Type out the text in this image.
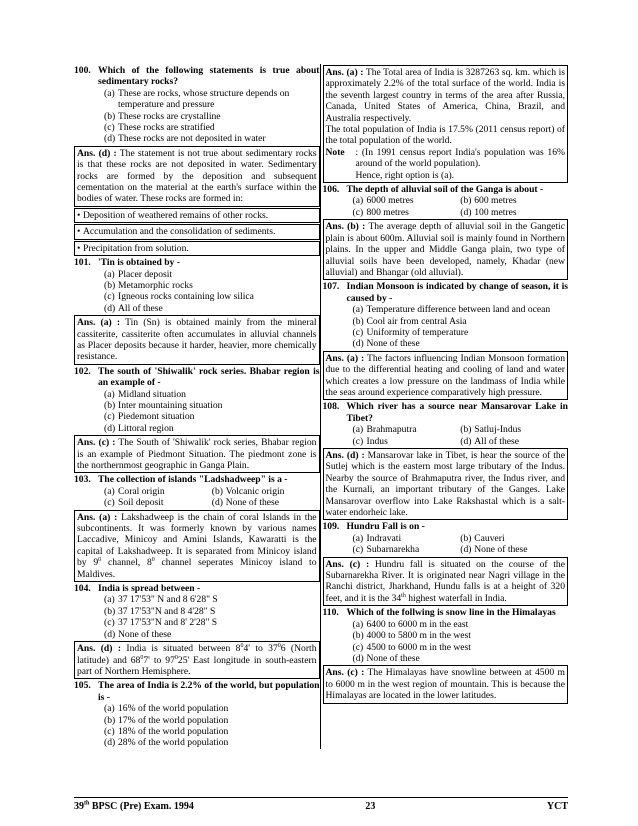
100. Which of the following statements is true about sedimentary rocks?
(a) These are rocks, whose structure depends on temperature and pressure
(b) These rocks are crystalline
(c) These rocks are stratified
(d) These rocks are not deposited in water
Ans. (d) : The statement is not true about sedimentary rocks is that these rocks are not deposited in water. Sedimentary rocks are formed by the deposition and subsequent cementation on the material at the earth's surface within the bodies of water. These rocks are formed in:
• Deposition of weathered remains of other rocks.
• Accumulation and the consolidation of sediments.
• Precipitation from solution.
101. 'Tin is obtained by -
(a) Placer deposit
(b) Metamorphic rocks
(c) Igneous rocks containing low silica
(d) All of these
Ans. (a) : Tin (Sn) is obtained mainly from the mineral cassiterite, cassiterite often accumulates in alluvial channels as Placer deposits because it harder, heavier, more chemically resistance.
102. The south of 'Shiwalik' rock series. Bhabar region is an example of -
(a) Midland situation
(b) Inter mountaining situation
(c) Piedemont situation
(d) Littoral region
Ans. (c) : The South of 'Shiwalik' rock series, Bhabar region is an example of Piedmont Situation. The piedmont zone is the northernmost geographic in Ganga Plain.
103. The collection of islands "Ladshadweep" is a -
(a) Coral origin	(b) Volcanic origin
(c) Soil deposit	(d) None of these
Ans. (a) : Lakshadweep is the chain of coral Islands in the subcontinents. It was formerly known by various names Laccadive, Minicoy and Amini Islands, Kawaratti is the capital of Lakshadweep. It is separated from Minicoy island by $9^0$ channel, $8^0$ channel seperates Minicoy island to Maldives.
104. India is spread between -
(a) 37 17'53" N and 8 6'28" S
(b) 37 17'53"N and 8 4'28" S
(c) 37 17'53"N and 8' 2'28" S
(d) None of these
Ans. (d) : India is situated between $8^04'$ to $37^06$ (North latitude) and $68^07'$ to $97^025'$ East longitude in south-eastern part of Northern Hemisphere.
105. The area of India is 2.2% of the world, but population is -
(a) 16% of the world population
(b) 17% of the world population
(c) 18% of the world population
(d) 28% of the world population
Ans. (a) : The Total area of India is 3287263 sq. km. which is approximately 2.2% of the total surface of the world. India is the seventh largest country in terms of the area after Russia, Canada, United States of America, China, Brazil, and Australia respectively.
The total population of India is 17.5% (2011 census report) of the total population of the world.
Note	: (In 1991 census report India's population was 16% around of the world population).
Hence, right option is (a).
106. The depth of alluvial soil of the Ganga is about -
(a) 6000 metres	(b) 600 metres
(c) 800 metres	(d) 100 metres
Ans. (b) : The average depth of alluvial soil in the Gangetic plain is about 600m. Alluvial soil is mainly found in Northern plains. In the upper and Middle Ganga plain, two type of alluvial soils have been developed, namely, Khadar (new alluvial) and Bhangar (old alluvial).
107. Indian Monsoon is indicated by change of season, it is caused by -
(a) Temperature difference between land and ocean
(b) Cool air from central Asia
(c) Uniformity of temperature
(d) None of these
Ans. (a) : The factors influencing Indian Monsoon formation due to the differential heating and cooling of land and water which creates a low pressure on the landmass of India while the seas around experience comparatively high pressure.
108. Which river has a source near Mansarovar Lake in Tibet?
(a) Brahmaputra	(b) Satluj-Indus
(c) Indus	(d) All of these
Ans. (d) : Mansarovar lake in Tibet, is hear the source of the Sutlej which is the eastern most large tributary of the Indus. Nearby the source of Brahmaputra river, the Indus river, and the Kurnali, an important tributary of the Ganges. Lake Mansarovar overflow into Lake Rakshastal which is a salt-water endorheic lake.
109. Hundru Fall is on -
(a) Indravati	(b) Cauveri
(c) Subarnarekha	(d) None of these
Ans. (c) : Hundru fall is situated on the course of the Subarnarekha River. It is originated near Nagri village in the Ranchi district, Jharkhand, Hundu falls is at a height of 320 feet, and it is the 34th highest waterfall in India.
110. Which of the follwing is snow line in the Himalayas
(a) 6400 to 6000 m in the east
(b) 4000 to 5800 m in the west
(c) 4500 to 6000 m in the west
(d) None of these
Ans. (c) : The Himalayas have snowline between at 4500 m to 6000 m in the west region of mountain. This is because the Himalayas are located in the lower latitudes.
39th BPSC (Pre) Exam. 1994	23	YCT
